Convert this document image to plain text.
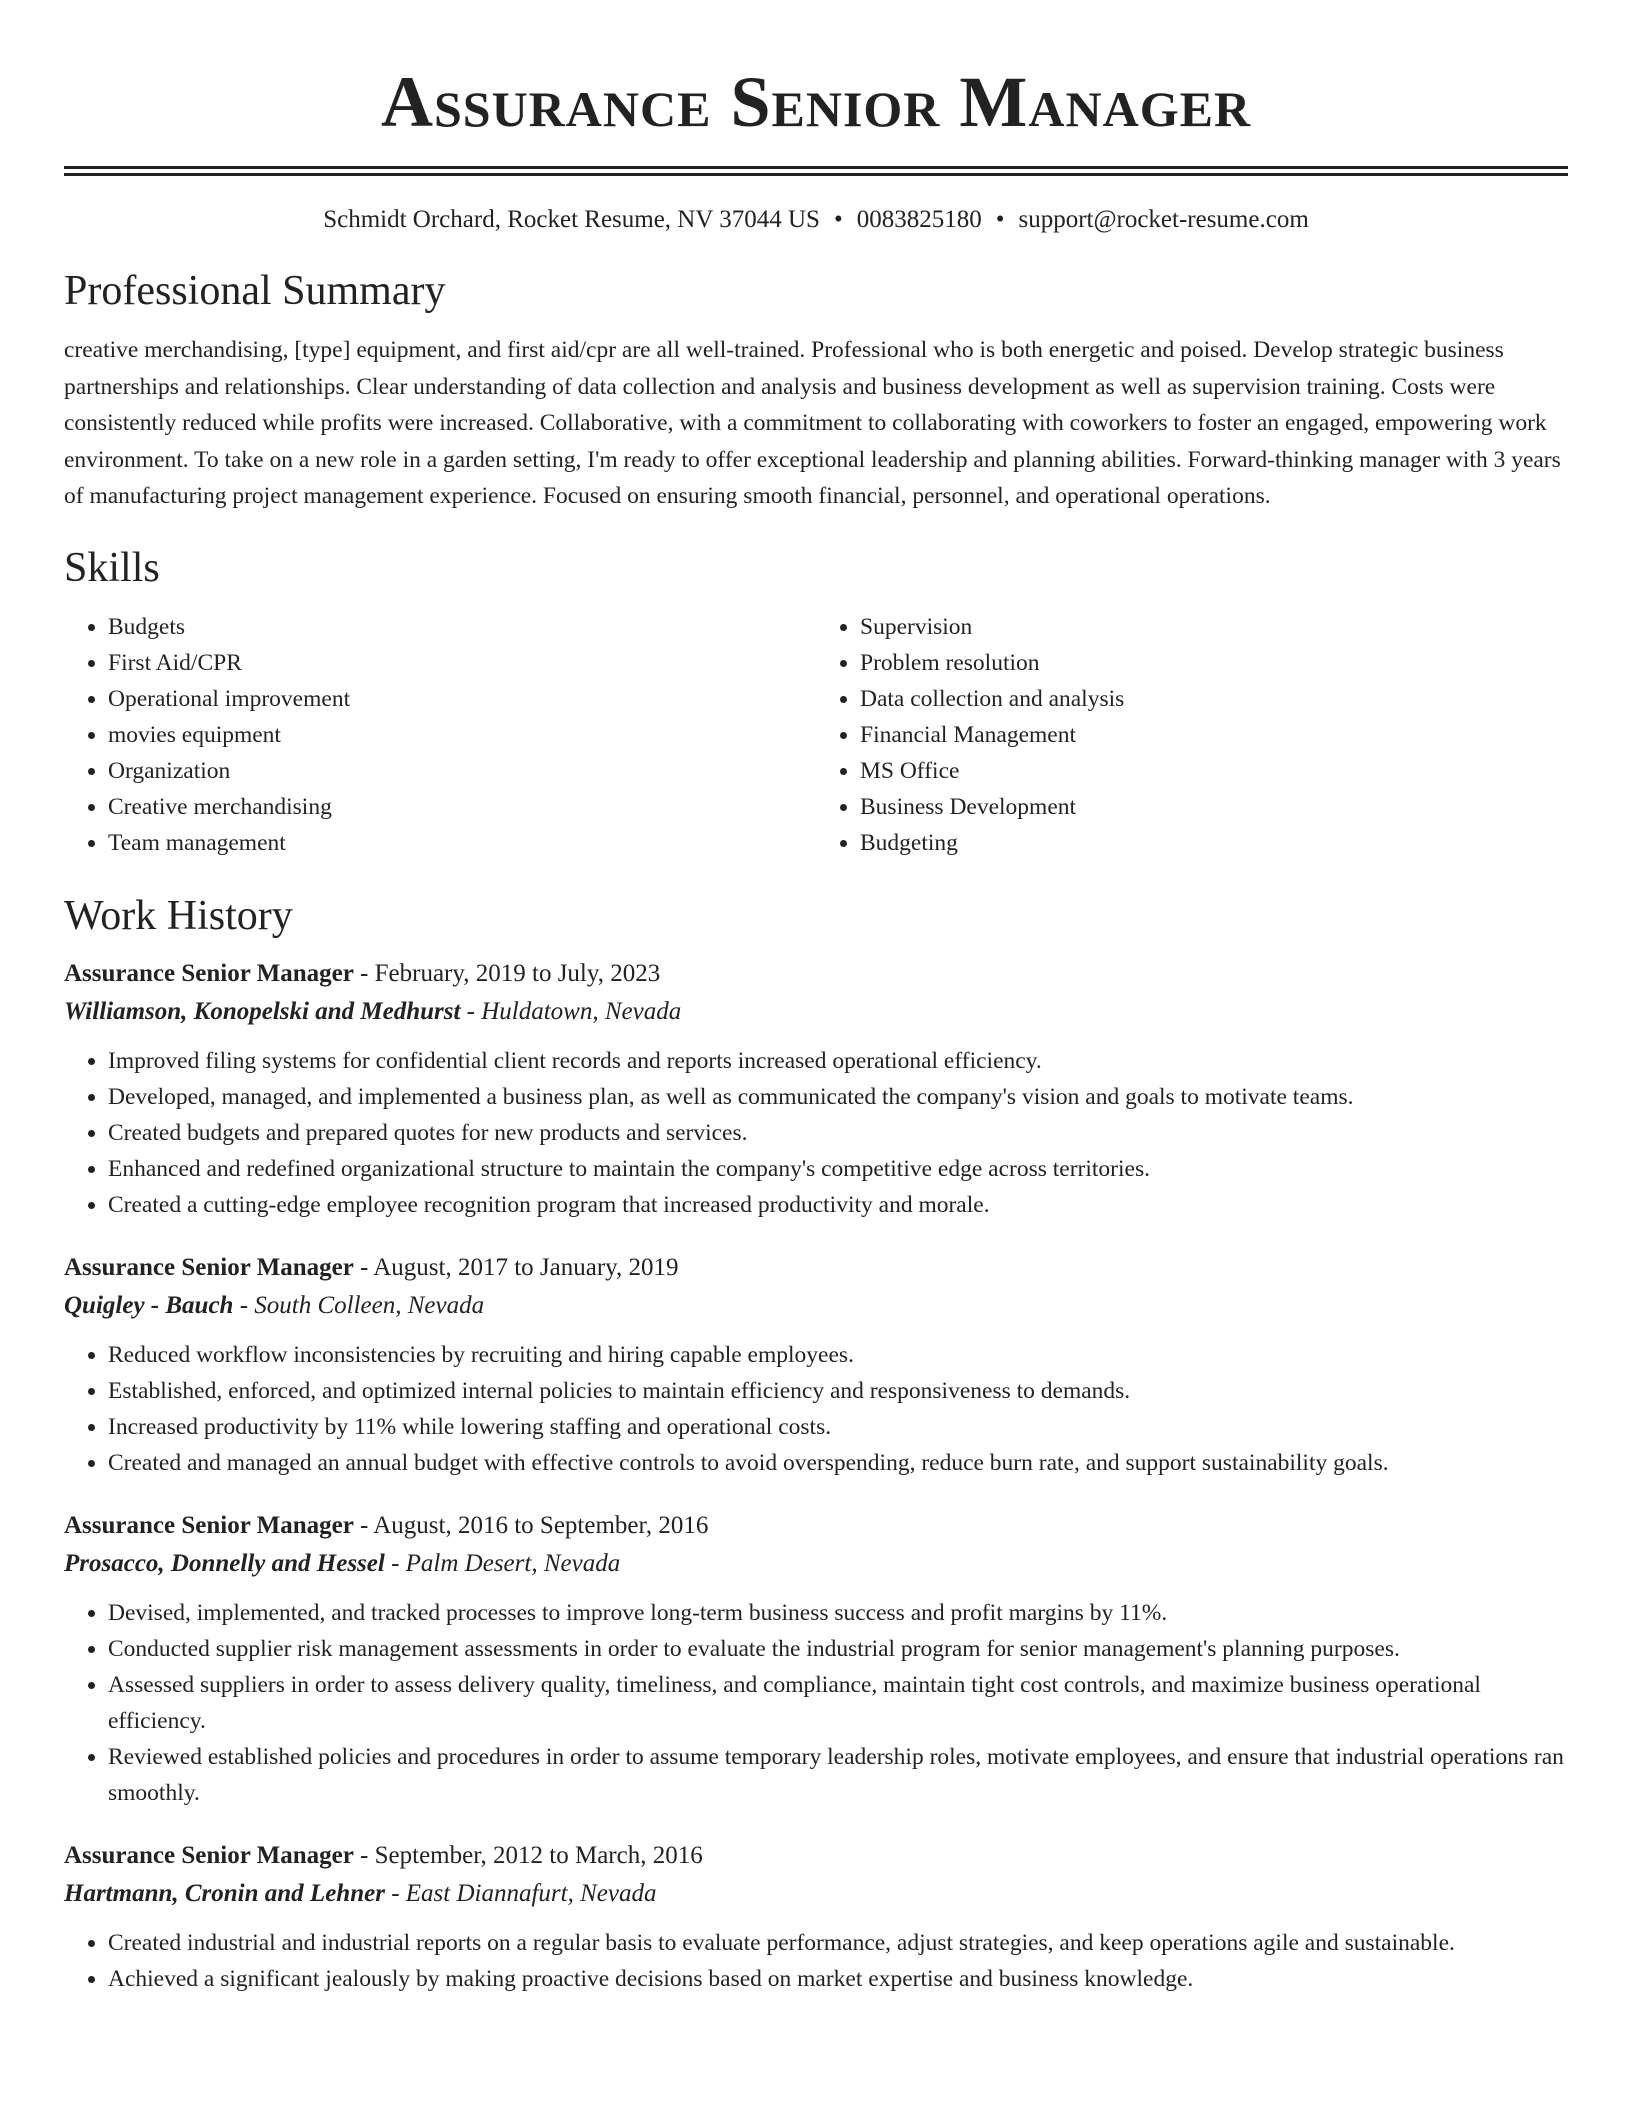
Assurance Senior Manager
Schmidt Orchard, Rocket Resume, NV 37044 US • 0083825180 • support@rocket-resume.com
Professional Summary

creative merchandising, [type] equipment, and first aid/cpr are all well-trained. Professional who is both energetic and poised. Develop strategic business partnerships and relationships. Clear understanding of data collection and analysis and business development as well as supervision training. Costs were consistently reduced while profits were increased. Collaborative, with a commitment to collaborating with coworkers to foster an engaged, empowering work environment. To take on a new role in a garden setting, I'm ready to offer exceptional leadership and planning abilities. Forward-thinking manager with 3 years of manufacturing project management experience. Focused on ensuring smooth financial, personnel, and operational operations.

Skills
• Budgets
• First Aid/CPR
• Operational improvement
• movies equipment
• Organization
• Creative merchandising
• Team management
• Supervision
• Problem resolution
• Data collection and analysis
• Financial Management
• MS Office
• Business Development
• Budgeting
Work History
Assurance Senior Manager - February, 2019 to July, 2023
Williamson, Konopelski and Medhurst - Huldatown, Nevada
• Improved filing systems for confidential client records and reports increased operational efficiency.
• Developed, managed, and implemented a business plan, as well as communicated the company's vision and goals to motivate teams.
• Created budgets and prepared quotes for new products and services.
• Enhanced and redefined organizational structure to maintain the company's competitive edge across territories.
• Created a cutting-edge employee recognition program that increased productivity and morale.
Assurance Senior Manager - August, 2017 to January, 2019
Quigley - Bauch - South Colleen, Nevada
• Reduced workflow inconsistencies by recruiting and hiring capable employees.
• Established, enforced, and optimized internal policies to maintain efficiency and responsiveness to demands.
• Increased productivity by 11% while lowering staffing and operational costs.
• Created and managed an annual budget with effective controls to avoid overspending, reduce burn rate, and support sustainability goals.
Assurance Senior Manager - August, 2016 to September, 2016
Prosacco, Donnelly and Hessel - Palm Desert, Nevada
• Devised, implemented, and tracked processes to improve long-term business success and profit margins by 11%.
• Conducted supplier risk management assessments in order to evaluate the industrial program for senior management's planning purposes.
• Assessed suppliers in order to assess delivery quality, timeliness, and compliance, maintain tight cost controls, and maximize business operational efficiency.
• Reviewed established policies and procedures in order to assume temporary leadership roles, motivate employees, and ensure that industrial operations ran smoothly.
Assurance Senior Manager - September, 2012 to March, 2016
Hartmann, Cronin and Lehner - East Diannafurt, Nevada
• Created industrial and industrial reports on a regular basis to evaluate performance, adjust strategies, and keep operations agile and sustainable.
• Achieved a significant jealously by making proactive decisions based on market expertise and business knowledge.
